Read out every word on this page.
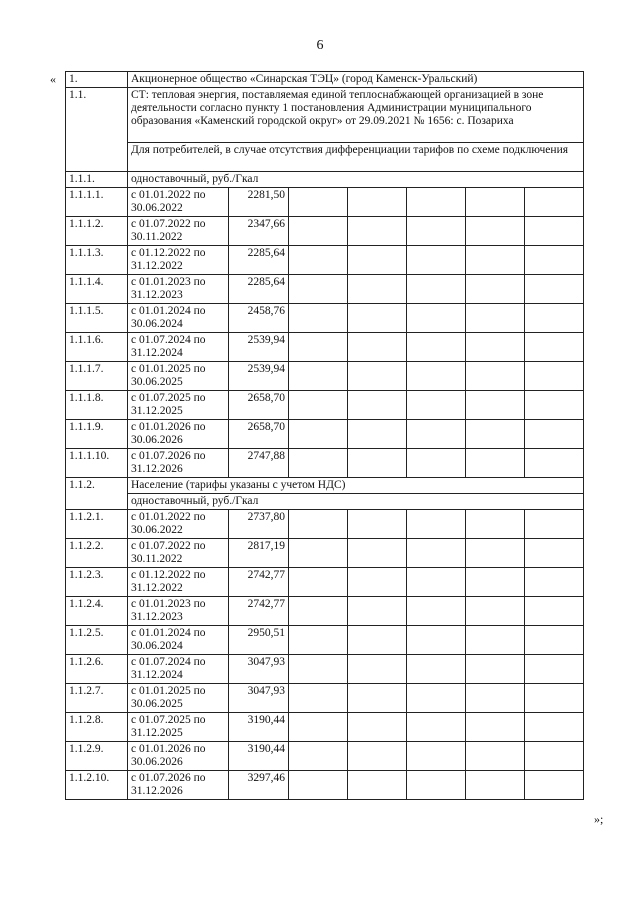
6
« 1.	Акционерное общество «Синарская ТЭЦ» (город Каменск-Уральский)						
1.1.	СТ: тепловая энергия, поставляемая единой теплоснабжающей организацией в зоне деятельности согласно пункту 1 постановления Администрации муниципального образования «Каменский городской округ» от 29.09.2021 № 1656: с. Позариха						
	Для потребителей, в случае отсутствия дифференциации тарифов по схеме подключения						
1.1.1.	одноставочный, руб./Гкал						
1.1.1.1.	с 01.01.2022 по 30.06.2022	2281,50					
1.1.1.2.	с 01.07.2022 по 30.11.2022	2347,66					
1.1.1.3.	с 01.12.2022 по 31.12.2022	2285,64					
1.1.1.4.	с 01.01.2023 по 31.12.2023	2285,64					
1.1.1.5.	с 01.01.2024 по 30.06.2024	2458,76					
1.1.1.6.	с 01.07.2024 по 31.12.2024	2539,94					
1.1.1.7.	с 01.01.2025 по 30.06.2025	2539,94					
1.1.1.8.	с 01.07.2025 по 31.12.2025	2658,70					
1.1.1.9.	с 01.01.2026 по 30.06.2026	2658,70					
1.1.1.10.	с 01.07.2026 по 31.12.2026	2747,88					
1.1.2.	Население (тарифы указаны с учетом НДС)						
	одноставочный, руб./Гкал						
1.1.2.1.	с 01.01.2022 по 30.06.2022	2737,80					
1.1.2.2.	с 01.07.2022 по 30.11.2022	2817,19					
1.1.2.3.	с 01.12.2022 по 31.12.2022	2742,77					
1.1.2.4.	с 01.01.2023 по 31.12.2023	2742,77					
1.1.2.5.	с 01.01.2024 по 30.06.2024	2950,51					
1.1.2.6.	с 01.07.2024 по 31.12.2024	3047,93					
1.1.2.7.	с 01.01.2025 по 30.06.2025	3047,93					
1.1.2.8.	с 01.07.2025 по 31.12.2025	3190,44					
1.1.2.9.	с 01.01.2026 по 30.06.2026	3190,44					
1.1.2.10.	с 01.07.2026 по 31.12.2026	3297,46					
»;
